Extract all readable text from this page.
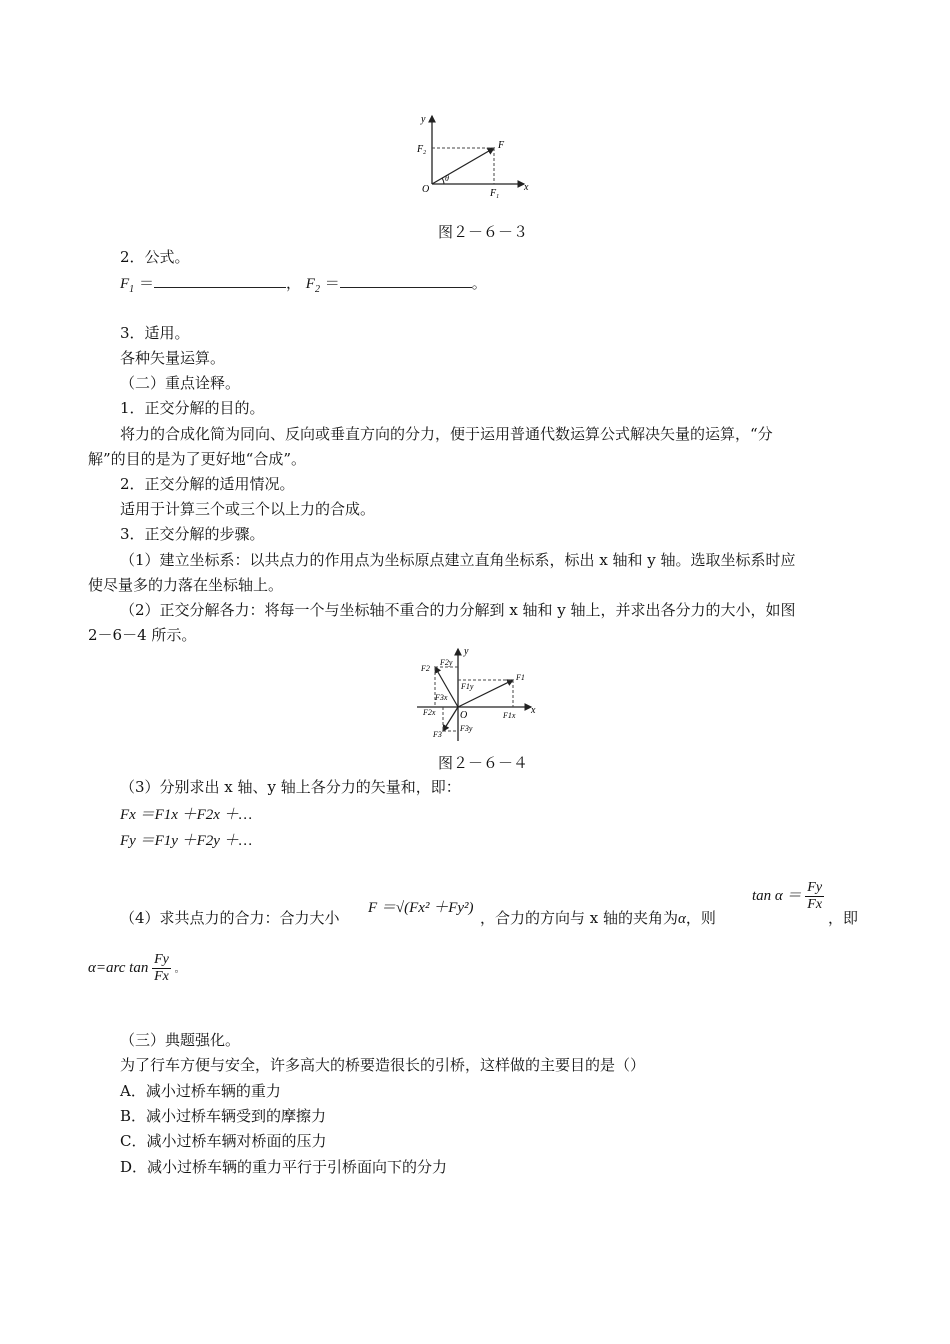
y
x
O
θ
F
$F_2$
$F_1$
图２－６－３
2．公式。
$F_1$ ＝	， $F_2$ ＝	。
3．适用。
各种矢量运算。
（二）重点诠释。
1．正交分解的目的。
将力的合成化简为同向、反向或垂直方向的分力，便于运用普通代数运算公式解决矢量的运算，“分
解”的目的是为了更好地“合成”。
2．正交分解的适用情况。
适用于计算三个或三个以上力的合成。
3．正交分解的步骤。
（1）建立坐标系：以共点力的作用点为坐标原点建立直角坐标系，标出 x 轴和 y 轴。选取坐标系时应
使尽量多的力落在坐标轴上。
（2）正交分解各力：将每一个与坐标轴不重合的力分解到 x 轴和 y 轴上，并求出各分力的大小，如图
2－6－4 所示。
y
x
O
F2y
F2
F1y
F1
F3x
F2x	F1x
F3
F3y
图２－６－４
（3）分别求出 x 轴、y 轴上各分力的矢量和，即：
Fx ＝F1x ＋F2x ＋…
Fy ＝F1y ＋F2y ＋…
（4）求共点力的合力：合力大小
F ＝√(Fx² ＋Fy²)
，合力的方向与 x 轴的夹角为α，则
$\tan \alpha = \frac{Fy}{Fx}$
，即
α=arc $\tan \frac{Fy}{Fx}$ 。
（三）典题强化。
为了行车方便与安全，许多高大的桥要造很长的引桥，这样做的主要目的是（）
A．减小过桥车辆的重力
B．减小过桥车辆受到的摩擦力
C．减小过桥车辆对桥面的压力
D．减小过桥车辆的重力平行于引桥面向下的分力
